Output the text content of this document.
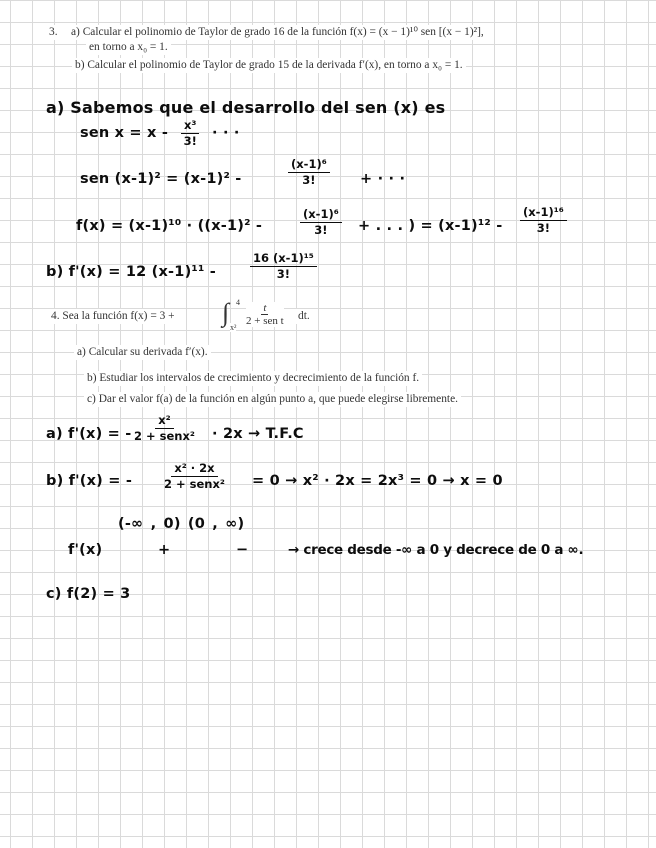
3. a) Calcular el polinomio de Taylor de grado 16 de la función f(x) = (x − 1)¹⁰ sen [(x − 1)²],
en torno a x₀ = 1.
b) Calcular el polinomio de Taylor de grado 15 de la derivada f′(x), en torno a x₀ = 1.
a) Sabemos que el desarrollo del sen (x) es
sen $x = x - \frac{\text{x³}}{3!}$ · · ·
sen (x-1)² = (x-1)² -	$\frac{\text{(x-1)⁶}}{3!}$ + · · ·
f(x) = (x-1)¹⁰ · ((x-1)² -	$\frac{\text{(x-1)⁶}}{3!}$ + . . . ) = $(x-1)^{12} - \frac{\text{(x-1)¹⁶}}{3!}$
b) f'(x) = 12 (x-1)¹¹ -	$\frac{\text{16 (x-1)¹⁵}}{3!}$
4. Sea la función f(x) = 3 + ∫ 4
x²
t
2 + sen t dt.
a) Calcular su derivada f′(x).
b) Estudiar los intervalos de crecimiento y decrecimiento de la función f.
c) Dar el valor f(a) de la función en algún punto a, que puede elegirse libremente.
a) f'(x) = -
x²
2 + senx² · 2x → T.F.C
b) f'(x) = -
x² · 2x
2 + senx² = 0 → x² · 2x = 2x³ = 0 → x = 0
(-∞ , 0) (0 , ∞)
f'(x)	+	−	→ crece desde -∞ a 0 y decrece de 0 a ∞.
c) f(2) = 3
